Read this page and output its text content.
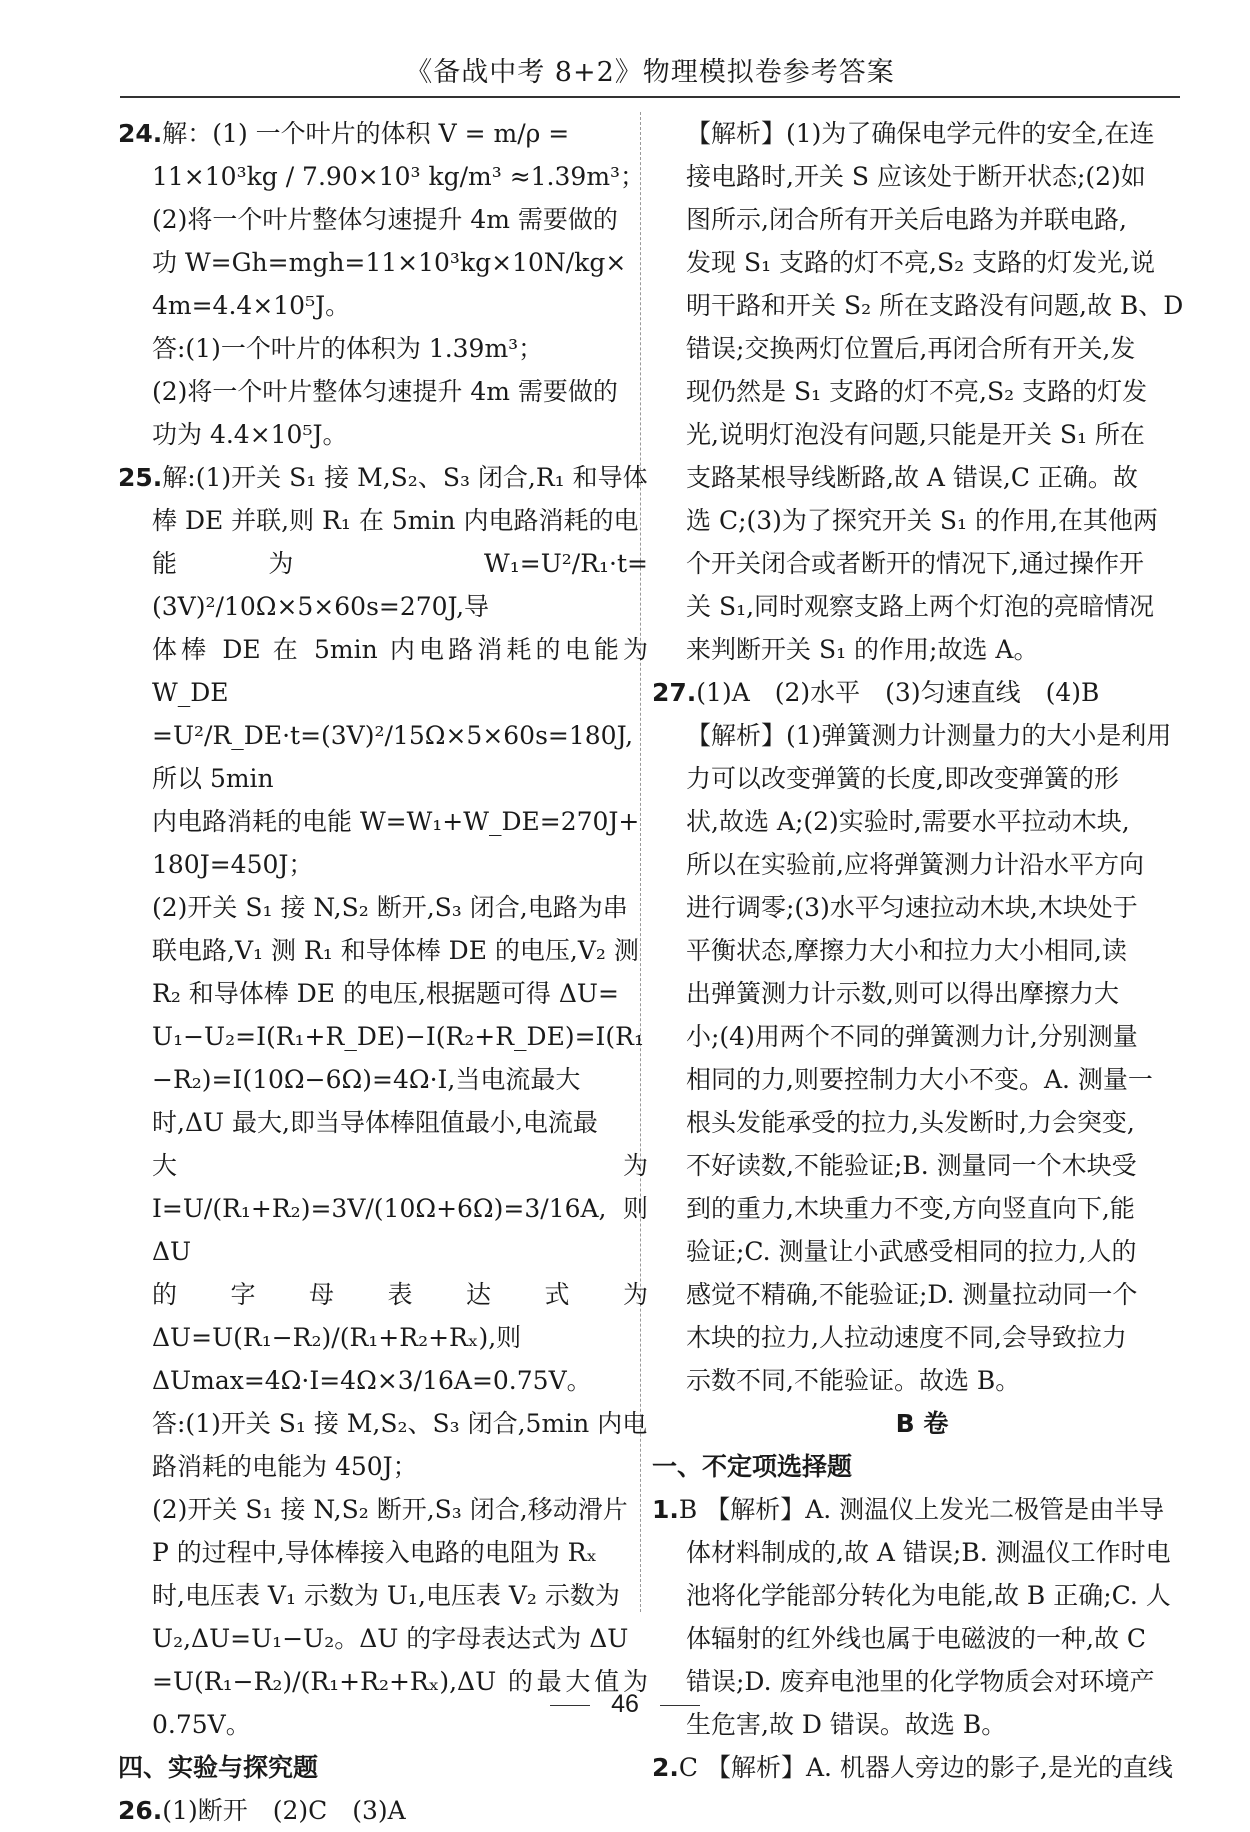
《备战中考 8+2》物理模拟卷参考答案

24.解：(1) 一个叶片的体积 V = m/ρ =

11×10³kg / 7.90×10³ kg/m³ ≈1.39m³；

(2)将一个叶片整体匀速提升 4m 需要做的

功 W=Gh=mgh=11×10³kg×10N/kg×

4m=4.4×10⁵J。

答:(1)一个叶片的体积为 1.39m³；

(2)将一个叶片整体匀速提升 4m 需要做的

功为 4.4×10⁵J。

25.解:(1)开关 S₁ 接 M,S₂、S₃ 闭合,R₁ 和导体

棒 DE 并联,则 R₁ 在 5min 内电路消耗的电

能为 W₁=U²/R₁·t=(3V)²/10Ω×5×60s=270J,导

体棒 DE 在 5min 内电路消耗的电能为 W_DE

=U²/R_DE·t=(3V)²/15Ω×5×60s=180J,所以 5min

内电路消耗的电能 W=W₁+W_DE=270J+

180J=450J；

(2)开关 S₁ 接 N,S₂ 断开,S₃ 闭合,电路为串

联电路,V₁ 测 R₁ 和导体棒 DE 的电压,V₂ 测

R₂ 和导体棒 DE 的电压,根据题可得 ΔU=

U₁−U₂=I(R₁+R_DE)−I(R₂+R_DE)=I(R₁

−R₂)=I(10Ω−6Ω)=4Ω·I,当电流最大

时,ΔU 最大,即当导体棒阻值最小,电流最

大为 I=U/(R₁+R₂)=3V/(10Ω+6Ω)=3/16A,则 ΔU

的字母表达式为 ΔU=U(R₁−R₂)/(R₁+R₂+Rₓ),则

ΔUmax=4Ω·I=4Ω×3/16A=0.75V。

答:(1)开关 S₁ 接 M,S₂、S₃ 闭合,5min 内电

路消耗的电能为 450J；

(2)开关 S₁ 接 N,S₂ 断开,S₃ 闭合,移动滑片

P 的过程中,导体棒接入电路的电阻为 Rₓ

时,电压表 V₁ 示数为 U₁,电压表 V₂ 示数为

U₂,ΔU=U₁−U₂。ΔU 的字母表达式为 ΔU

=U(R₁−R₂)/(R₁+R₂+Rₓ),ΔU 的最大值为 0.75V。

四、实验与探究题

26.(1)断开　(2)C　(3)A

【解析】(1)为了确保电学元件的安全,在连

接电路时,开关 S 应该处于断开状态;(2)如

图所示,闭合所有开关后电路为并联电路,

发现 S₁ 支路的灯不亮,S₂ 支路的灯发光,说

明干路和开关 S₂ 所在支路没有问题,故 B、D

错误;交换两灯位置后,再闭合所有开关,发

现仍然是 S₁ 支路的灯不亮,S₂ 支路的灯发

光,说明灯泡没有问题,只能是开关 S₁ 所在

支路某根导线断路,故 A 错误,C 正确。故

选 C;(3)为了探究开关 S₁ 的作用,在其他两

个开关闭合或者断开的情况下,通过操作开

关 S₁,同时观察支路上两个灯泡的亮暗情况

来判断开关 S₁ 的作用;故选 A。

27.(1)A　(2)水平　(3)匀速直线　(4)B

【解析】(1)弹簧测力计测量力的大小是利用

力可以改变弹簧的长度,即改变弹簧的形

状,故选 A;(2)实验时,需要水平拉动木块,

所以在实验前,应将弹簧测力计沿水平方向

进行调零;(3)水平匀速拉动木块,木块处于

平衡状态,摩擦力大小和拉力大小相同,读

出弹簧测力计示数,则可以得出摩擦力大

小;(4)用两个不同的弹簧测力计,分别测量

相同的力,则要控制力大小不变。A. 测量一

根头发能承受的拉力,头发断时,力会突变,

不好读数,不能验证;B. 测量同一个木块受

到的重力,木块重力不变,方向竖直向下,能

验证;C. 测量让小武感受相同的拉力,人的

感觉不精确,不能验证;D. 测量拉动同一个

木块的拉力,人拉动速度不同,会导致拉力

示数不同,不能验证。故选 B。

B 卷

一、不定项选择题

1.B 【解析】A. 测温仪上发光二极管是由半导

体材料制成的,故 A 错误;B. 测温仪工作时电

池将化学能部分转化为电能,故 B 正确;C. 人

体辐射的红外线也属于电磁波的一种,故 C

错误;D. 废弃电池里的化学物质会对环境产

生危害,故 D 错误。故选 B。

2.C 【解析】A. 机器人旁边的影子,是光的直线

46
